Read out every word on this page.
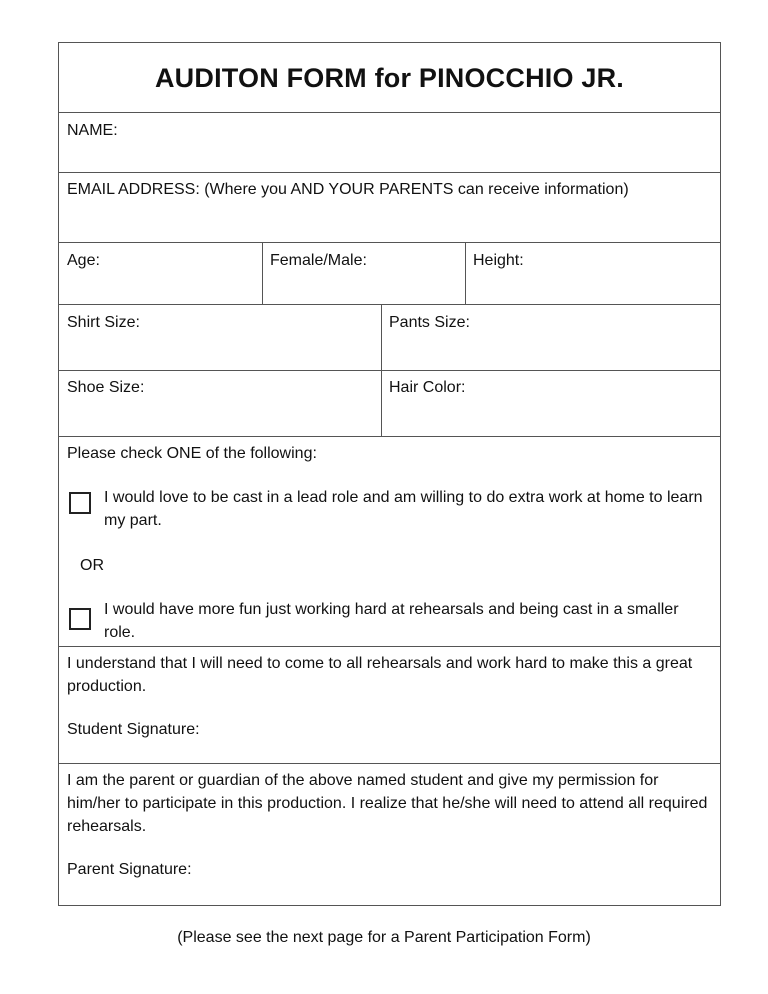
AUDITON FORM for PINOCCHIO JR.
NAME:
EMAIL ADDRESS: (Where you AND YOUR PARENTS can receive information)
Age:	Female/Male:	Height:
Shirt Size:	Pants Size:
Shoe Size:	Hair Color:
Please check ONE of the following:
I would love to be cast in a lead role and am willing to do extra work at home to learn my part.
OR
I would have more fun just working hard at rehearsals and being cast in a smaller role.
I understand that I will need to come to all rehearsals and work hard to make this a great production.
Student Signature:
I am the parent or guardian of the above named student and give my permission for him/her to participate in this production. I realize that he/she will need to attend all required rehearsals.
Parent Signature:
(Please see the next page for a Parent Participation Form)
